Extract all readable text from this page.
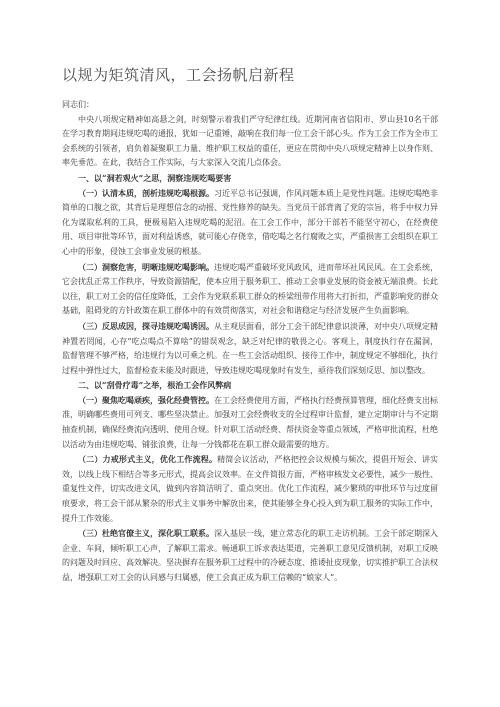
以规为矩筑清风，工会扬帆启新程

同志们：

中央八项规定精神如高悬之剑，时刻警示着我们严守纪律红线。近期河南省信阳市、罗山县10名干部在学习教育期间违规吃喝的通报，犹如一记重锤，敲响在我们每一位工会干部心头。作为工会工作为全市工会系统的引领者，肩负着凝聚职工力量、维护职工权益的重任，更应在贯彻中央八项规定精神上以身作则、率先垂范。在此，我结合工作实际，与大家深入交流几点体会。

一、以“洞若观火”之思，洞察违规吃喝要害

（一）认清本质，剖析违规吃喝根源。习近平总书记强调，作风问题本质上是党性问题。违规吃喝绝非简单的口腹之欲，其背后是理想信念的动摇、党性修养的缺失。当党员干部背离了党的宗旨，将手中权力异化为谋取私利的工具，便极易陷入违规吃喝的泥沼。在工会工作中，部分干部若不能坚守初心，在经费使用、项目审批等环节，面对利益诱惑，就可能心存侥幸，借吃喝之名行腐败之实，严重损害工会组织在职工心中的形象，侵蚀工会事业发展的根基。

（二）洞察危害，明晰违规吃喝影响。违规吃喝严重破坏党风政风，进而带坏社风民风。在工会系统，它会扰乱正常工作秩序，导致资源错配，使本应用于服务职工、推动工会事业发展的资金被无端浪费。长此以往，职工对工会的信任度降低，工会作为党联系职工群众的桥梁纽带作用将大打折扣，严重影响党的群众基础，阻碍党的方针政策在职工群体中的有效贯彻落实，对社会和谐稳定与经济发展产生负面影响。

（三）反思成因，探寻违规吃喝诱因。从主观层面看，部分工会干部纪律意识淡薄，对中央八项规定精神置若罔闻，心存“吃点喝点不算啥”的错误观念，缺乏对纪律的敬畏之心。客观上，制度执行存在漏洞，监督管理不够严格，给违规行为以可乘之机。在一些工会活动组织、接待工作中，制度规定不够细化，执行过程中弹性过大，监督检查未能及时跟进，导致违规吃喝现象时有发生，亟待我们深刻反思、加以整改。

二、以“刮骨疗毒”之举，根治工会作风弊病

（一）聚焦吃喝顽疾，强化经费管控。在工会经费使用方面，严格执行经费预算管理，细化经费支出标准，明确哪些费用可列支、哪些坚决禁止。加强对工会经费收支的全过程审计监督，建立定期审计与不定期抽查机制，确保经费流向透明、使用合规。针对职工活动经费、帮扶资金等重点领域，严格审批流程，杜绝以活动为由违规吃喝、铺张浪费，让每一分钱都花在职工群众最需要的地方。

（二）力戒形式主义，优化工作流程。精简会议活动，严格把控会议规模与频次，提倡开短会、讲实效，以线上线下相结合等多元形式，提高会议效率。在文件简报方面，严格审核发文必要性，减少一般性、重复性文件，切实改进文风，做到内容简洁明了、重点突出。优化工作流程，减少繁琐的审批环节与过度留痕要求，将工会干部从繁杂的形式主义事务中解放出来，使其能够全身心投入到为职工服务的实际工作中，提升工作效能。

（三）杜绝官僚主义，深化职工联系。深入基层一线，建立常态化的职工走访机制。工会干部定期深入企业、车间，倾听职工心声，了解职工需求。畅通职工诉求表达渠道，完善职工意见反馈机制，对职工反映的问题及时回应、高效解决。坚决摒弃在服务职工过程中的冷硬态度、推诿扯皮现象，切实推护职工合法权益，增强职工对工会的认同感与归属感，使工会真正成为职工信赖的“娘家人”。
